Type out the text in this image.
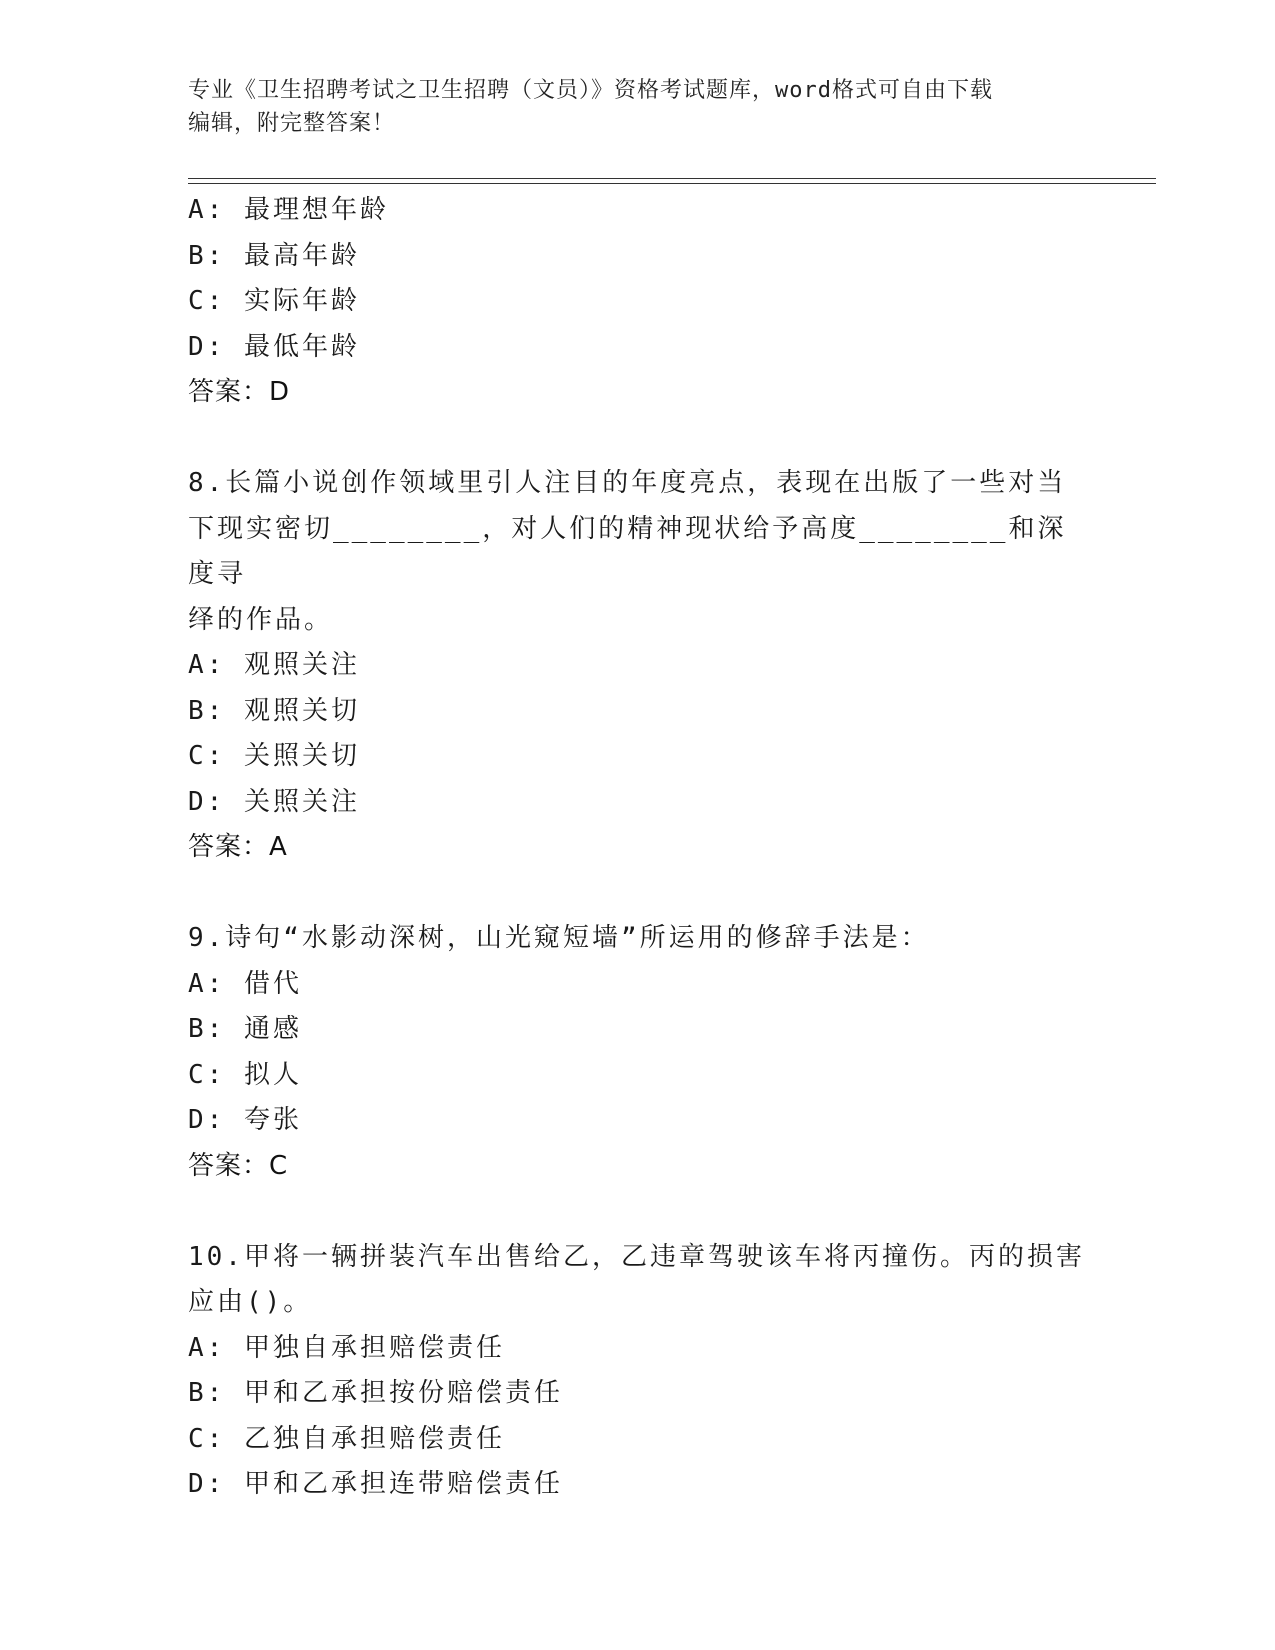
专业《卫生招聘考试之卫生招聘（文员）》资格考试题库，word格式可自由下载
编辑，附完整答案！
A: 最理想年龄
B: 最高年龄
C: 实际年龄
D: 最低年龄
答案：D
8.长篇小说创作领域里引人注目的年度亮点，表现在出版了一些对当
下现实密切________，对人们的精神现状给予高度________和深度寻
绎的作品。
A: 观照关注
B: 观照关切
C: 关照关切
D: 关照关注
答案：A
9.诗句“水影动深树，山光窥短墙”所运用的修辞手法是：
A: 借代
B: 通感
C: 拟人
D: 夸张
答案：C
10.甲将一辆拼装汽车出售给乙，乙违章驾驶该车将丙撞伤。丙的损害
应由()。
A: 甲独自承担赔偿责任
B: 甲和乙承担按份赔偿责任
C: 乙独自承担赔偿责任
D: 甲和乙承担连带赔偿责任
